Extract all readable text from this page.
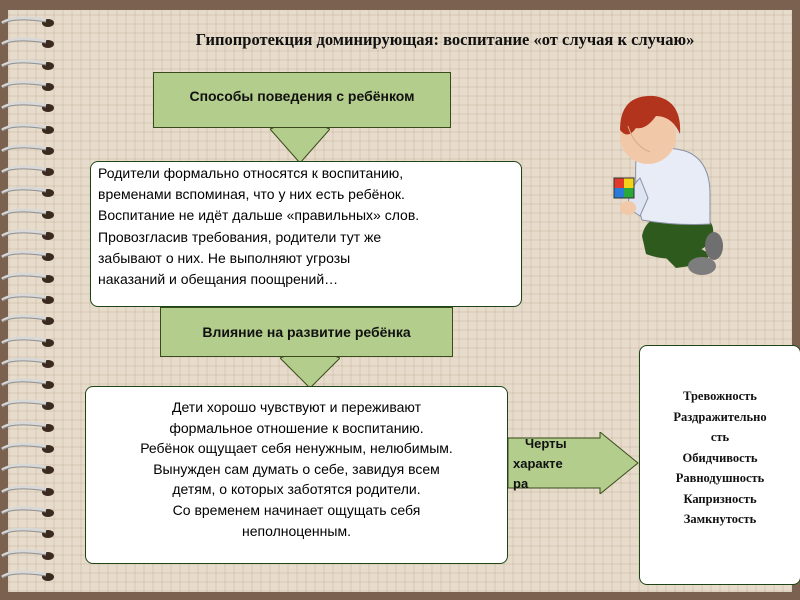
Гипопротекция доминирующая: воспитание «от случая к случаю»
Способы поведения с ребёнком
Влияние на развитие ребёнка
Родители формально относятся к воспитанию,
временами вспоминая, что у них есть ребёнок.
Воспитание не идёт дальше «правильных» слов.
Провозгласив требования, родители тут же
забывают о них. Не выполняют угрозы
наказаний и обещания поощрений…
Дети хорошо чувствуют и переживают
формальное отношение к воспитанию.
Ребёнок ощущает себя ненужным, нелюбимым.
Вынужден сам думать о себе, завидуя всем
детям, о которых заботятся родители.
Со временем начинает ощущать себя
неполноценным.
Черты
характе
ра
Тревожность
Раздражительно
сть
Обидчивость
Равнодушность
Капризность
Замкнутость
